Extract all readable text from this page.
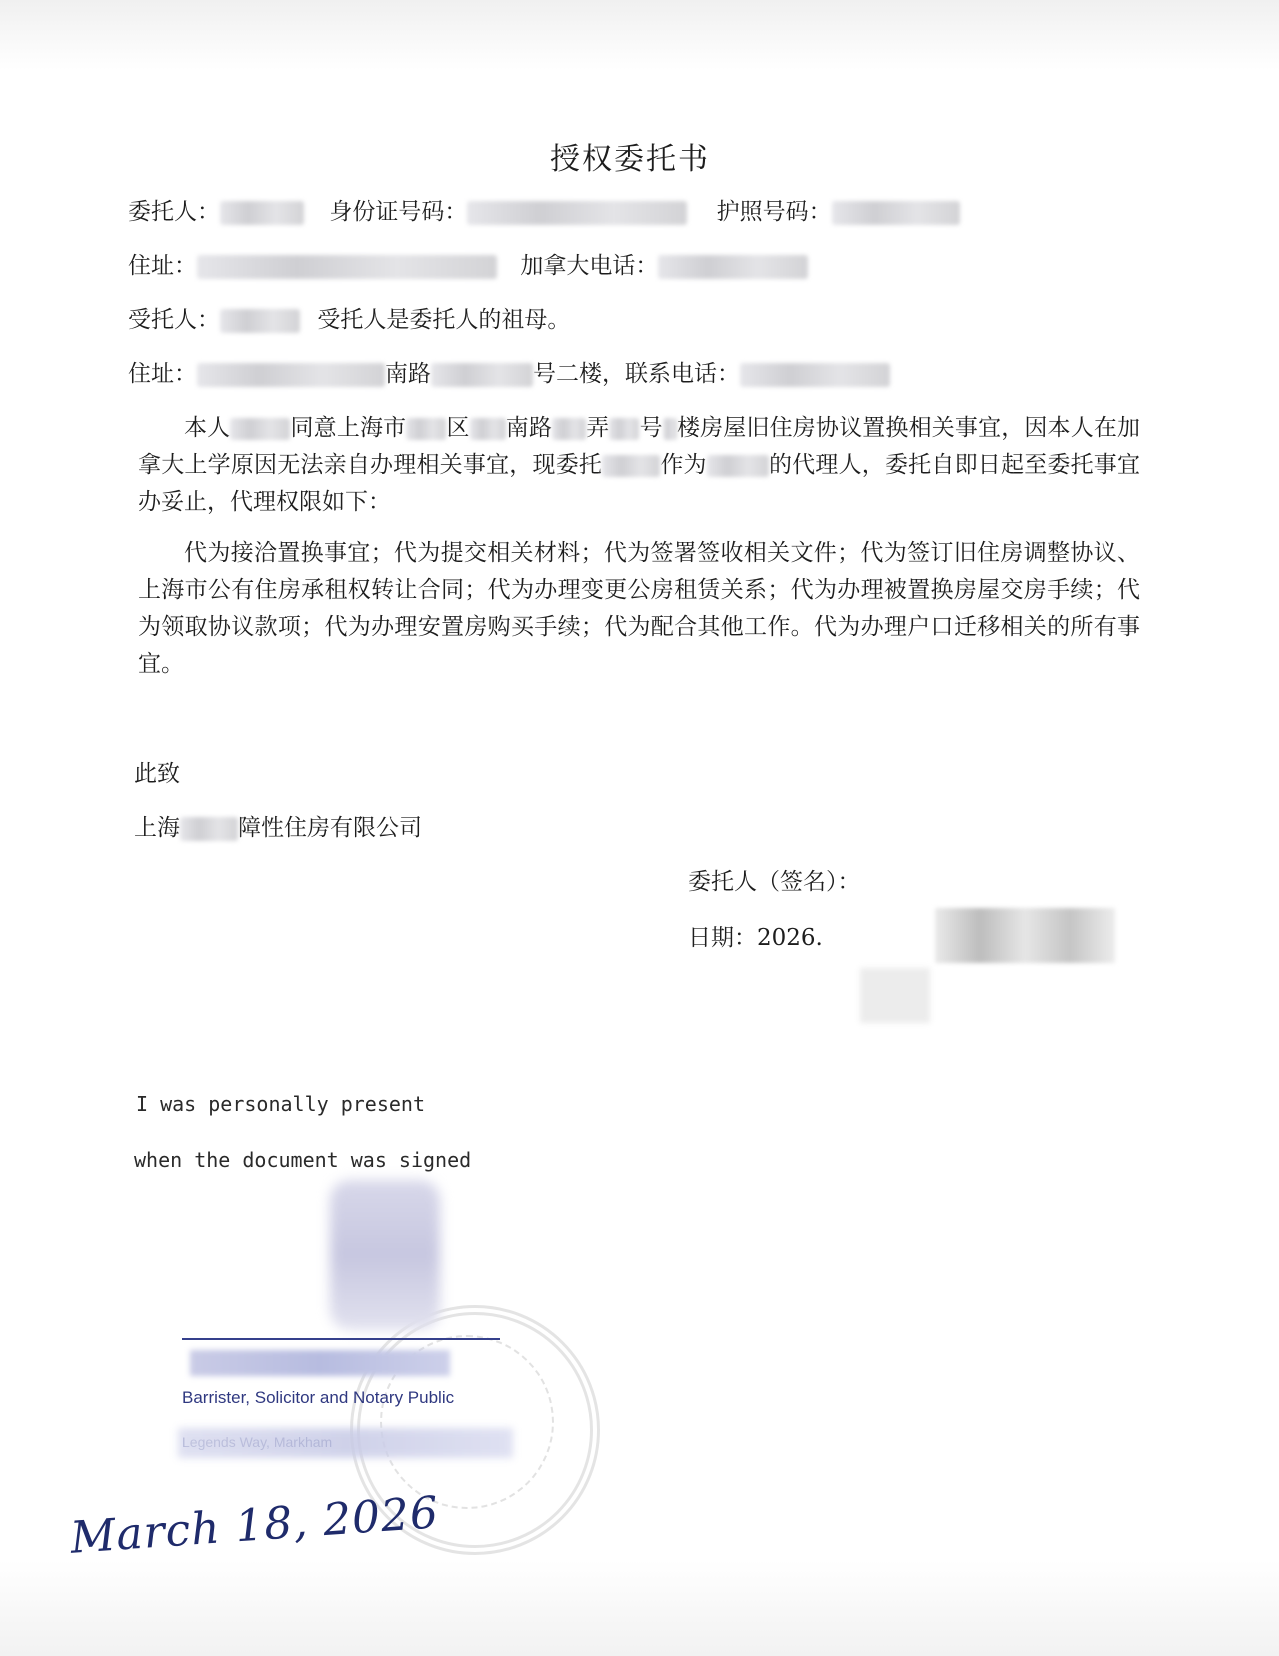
授权委托书
委托人：	身份证号码：	护照号码：
住址：	加拿大电话：
受托人：	受托人是委托人的祖母。
住址：	南路	号二楼，联系电话：
本人	同意上海市 区 南路 弄 号 楼房屋旧住房协议置换相关事宜，因本人在加拿大上学原因无法亲自办理相关事宜，现委托	作为	的代理人，委托自即日起至委托事宜办妥止，代理权限如下：
代为接洽置换事宜；代为提交相关材料；代为签署签收相关文件；代为签订旧住房调整协议、上海市公有住房承租权转让合同；代为办理变更公房租赁关系；代为办理被置换房屋交房手续；代为领取协议款项；代为办理安置房购买手续；代为配合其他工作。代为办理户口迁移相关的所有事宜。
此致
上海	障性住房有限公司
委托人（签名）：
日期：2026.
I was personally present
when the document was signed
Barrister, Solicitor and Notary Public
March 18, 2026
